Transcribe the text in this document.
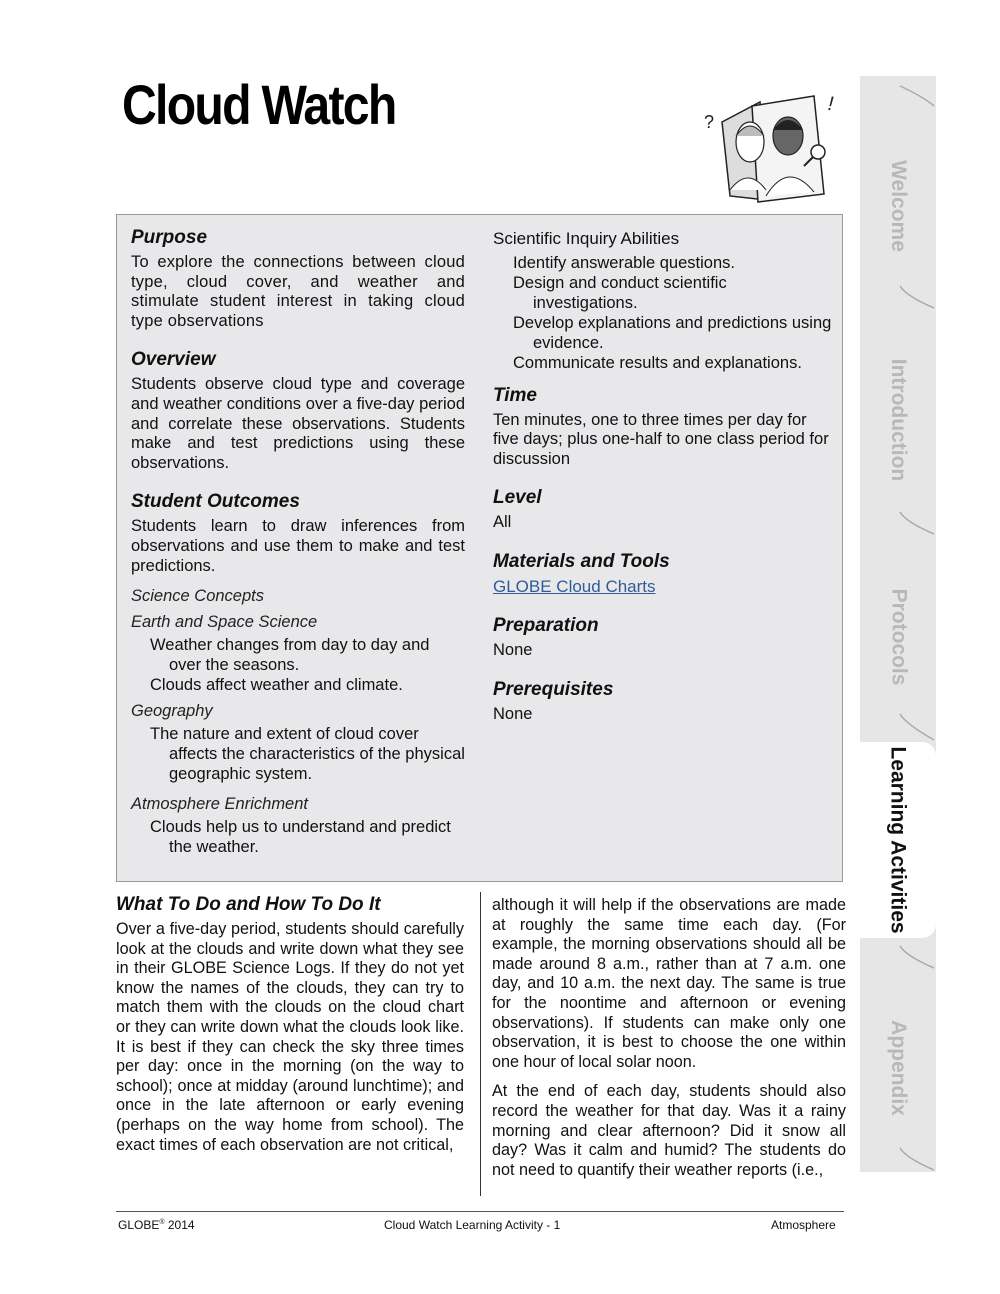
Cloud Watch	?
!
Welcome
Introduction
Protocols
Learning Activities
Appendix
Purpose

To explore the connections between cloud type, cloud cover, and weather and stimulate student interest in taking cloud type observations

Overview

Students observe cloud type and coverage and weather conditions over a five-day period and correlate these observations. Students make and test predictions using these observations.

Student Outcomes

Students learn to draw inferences from observations and use them to make and test predictions.

Science Concepts

Earth and Space Science

Weather changes from day to day and over the seasons.

Clouds affect weather and climate.

Geography

The nature and extent of cloud cover affects the characteristics of the physical geographic system.

Atmosphere Enrichment

Clouds help us to understand and predict the weather.

Scientific Inquiry Abilities

Identify answerable questions.

Design and conduct scientific investigations.

Develop explanations and predictions using evidence.

Communicate results and explanations.

Time

Ten minutes, one to three times per day for five days; plus one-half to one class period for discussion

Level

All

Materials and Tools

GLOBE Cloud Charts

Preparation

None

Prerequisites

None

What To Do and How To Do It

Over a five-day period, students should carefully look at the clouds and write down what they see in their GLOBE Science Logs. If they do not yet know the names of the clouds, they can try to match them with the clouds on the cloud chart or they can write down what the clouds look like. It is best if they can check the sky three times per day: once in the morning (on the way to school); once at midday (around lunchtime); and once in the late afternoon or early evening (perhaps on the way home from school). The exact times of each observation are not critical,

although it will help if the observations are made at roughly the same time each day. (For example, the morning observations should all be made around 8 a.m., rather than at 7 a.m. one day, and 10 a.m. the next day. The same is true for the noontime and afternoon or evening observations). If students can make only one observation, it is best to choose the one within one hour of local solar noon.

At the end of each day, students should also record the weather for that day. Was it a rainy morning and clear afternoon? Did it snow all day? Was it calm and humid? The students do not need to quantify their weather reports (i.e.,

GLOBE® 2014	Cloud Watch Learning Activity - 1	Atmosphere
